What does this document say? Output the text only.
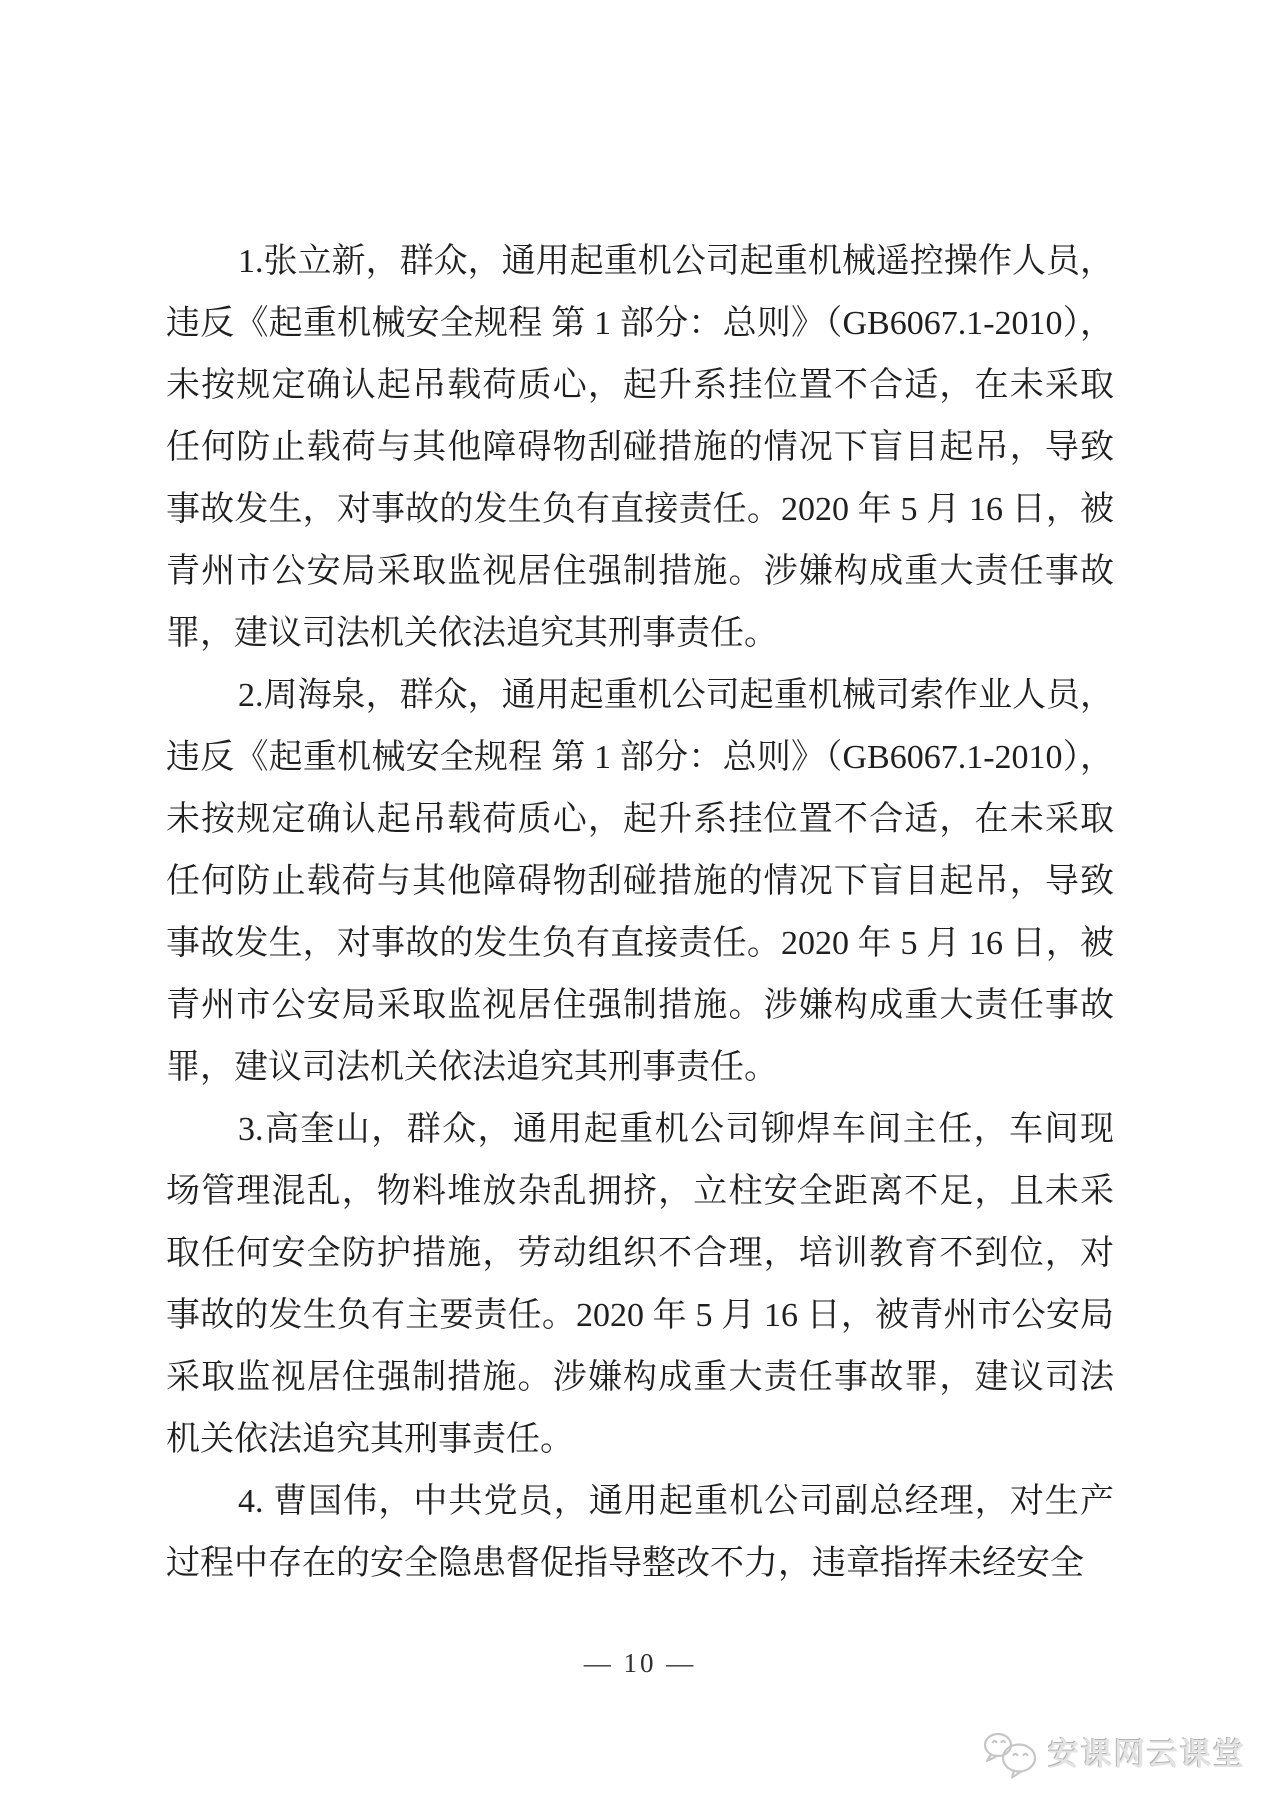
1.张立新，群众，通用起重机公司起重机械遥控操作人员，
违反《起重机械安全规程 第 1 部分：总则》（GB6067.1-2010），
未按规定确认起吊载荷质心，起升系挂位置不合适，在未采取
任何防止载荷与其他障碍物刮碰措施的情况下盲目起吊，导致
事故发生，对事故的发生负有直接责任。2020 年 5 月 16 日，被
青州市公安局采取监视居住强制措施。涉嫌构成重大责任事故
罪，建议司法机关依法追究其刑事责任。
2.周海泉，群众，通用起重机公司起重机械司索作业人员，
违反《起重机械安全规程 第 1 部分：总则》（GB6067.1-2010），
未按规定确认起吊载荷质心，起升系挂位置不合适，在未采取
任何防止载荷与其他障碍物刮碰措施的情况下盲目起吊，导致
事故发生，对事故的发生负有直接责任。2020 年 5 月 16 日，被
青州市公安局采取监视居住强制措施。涉嫌构成重大责任事故
罪，建议司法机关依法追究其刑事责任。
3.高奎山，群众，通用起重机公司铆焊车间主任，车间现
场管理混乱，物料堆放杂乱拥挤，立柱安全距离不足，且未采
取任何安全防护措施，劳动组织不合理，培训教育不到位，对
事故的发生负有主要责任。2020 年 5 月 16 日，被青州市公安局
采取监视居住强制措施。涉嫌构成重大责任事故罪，建议司法
机关依法追究其刑事责任。
4. 曹国伟，中共党员，通用起重机公司副总经理，对生产
过程中存在的安全隐患督促指导整改不力，违章指挥未经安全
— 10 —
安课网云课堂
